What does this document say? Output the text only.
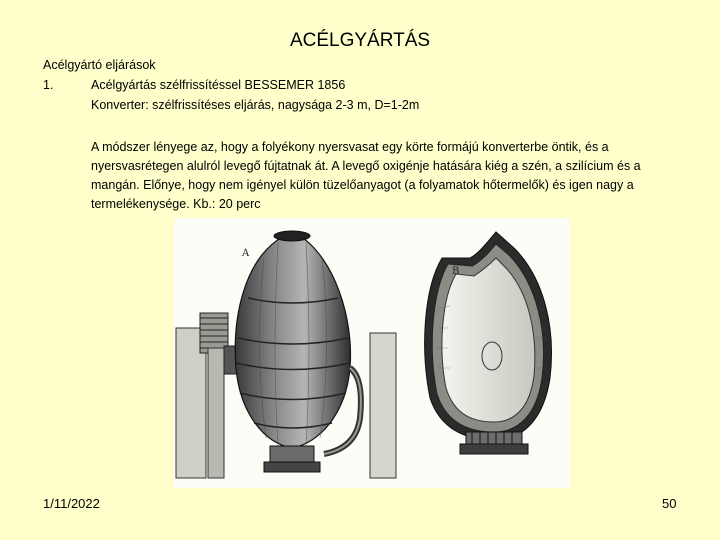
ACÉLGYÁRTÁS
Acélgyártó eljárások
1.	Acélgyártás szélfrissítéssel BESSEMER 1856
Konverter: szélfrissítéses eljárás, nagysága 2-3 m, D=1-2m
A módszer lényege az, hogy a folyékony nyersvasat egy körte formájú konverterbe öntik, és a nyersvasrétegen alulról levegő fújtatnak át. A levegő oxigénje hatására kiég a szén, a szilícium és a mangán. Előnye, hogy nem igényel külön tüzelőanyagot (a folyamatok hőtermelők) és igen nagy a termelékenysége. Kb.: 20 perc
A
B
1/11/2022	50
